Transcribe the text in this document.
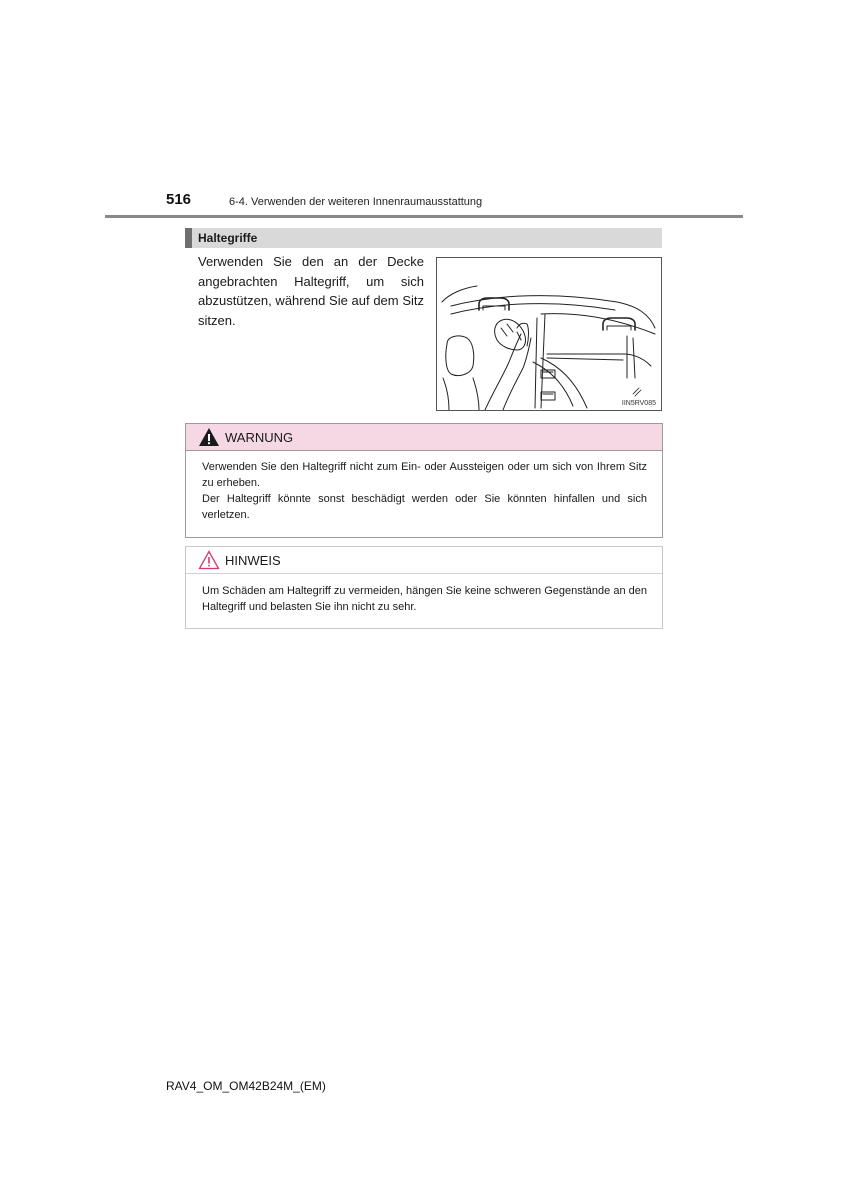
516	6-4. Verwenden der weiteren Innenraumausstattung
Haltegriffe
Verwenden Sie den an der Decke angebrachten Haltegriff, um sich abzustützen, während Sie auf dem Sitz sitzen.
IIN5RV085
WARNUNG

Verwenden Sie den Haltegriff nicht zum Ein- oder Aussteigen oder um sich von Ihrem Sitz zu erheben.

Der Haltegriff könnte sonst beschädigt werden oder Sie könnten hinfallen und sich verletzen.

HINWEIS

Um Schäden am Haltegriff zu vermeiden, hängen Sie keine schweren Gegenstände an den Haltegriff und belasten Sie ihn nicht zu sehr.

RAV4_OM_OM42B24M_(EM)
